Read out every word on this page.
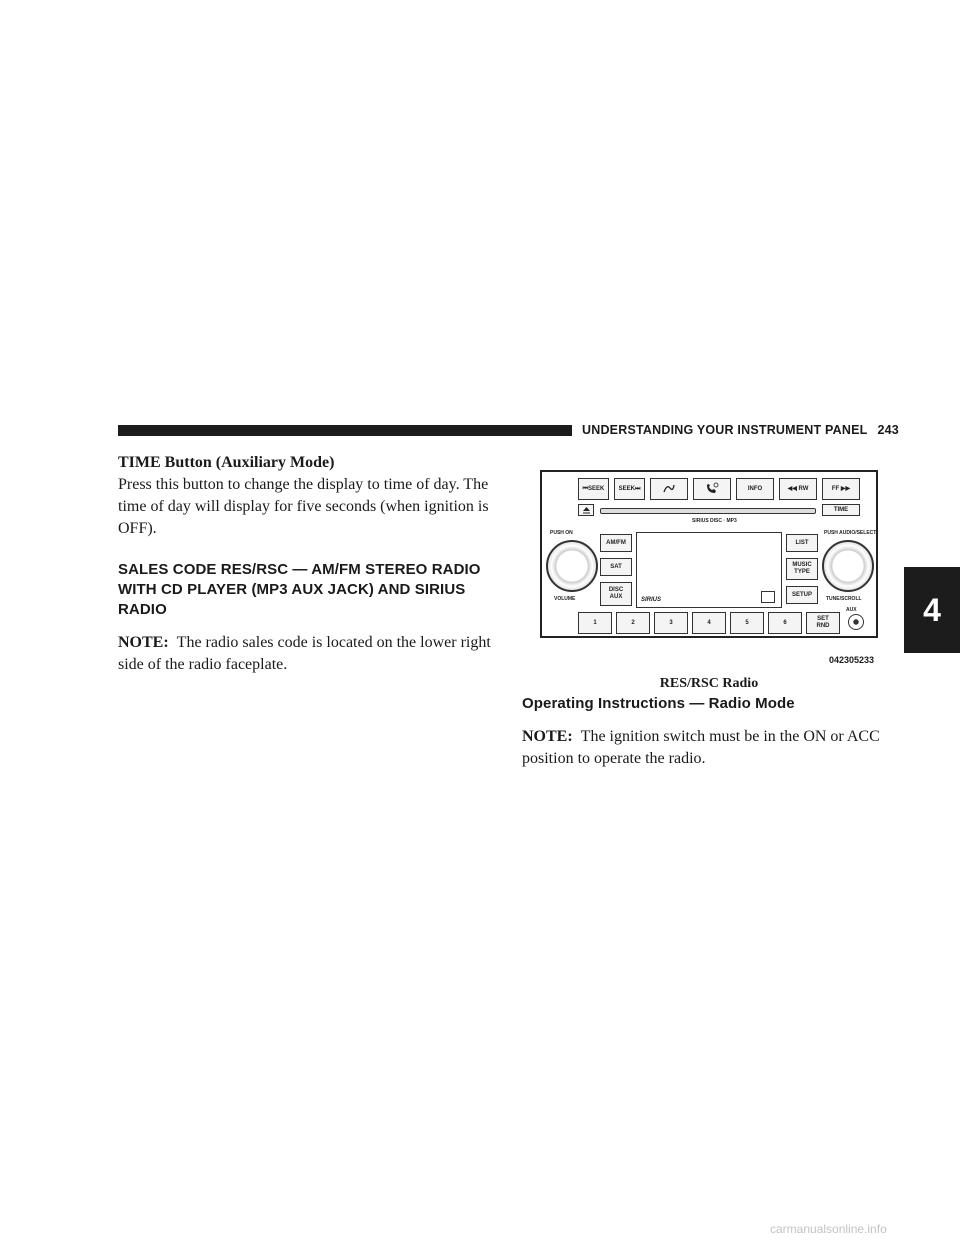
UNDERSTANDING YOUR INSTRUMENT PANEL 243
4

TIME Button (Auxiliary Mode)

Press this button to change the display to time of day. The time of day will display for five seconds (when ignition is OFF).

SALES CODE RES/RSC — AM/FM STEREO RADIO WITH CD PLAYER (MP3 AUX JACK) AND SIRIUS RADIO

NOTE: The radio sales code is located on the lower right side of the radio faceplate.

⏮SEEK	SEEK⏭	INFO	◀◀ RW	FF ▶▶
SIRIUS DISC · MP3
TIME
PUSH ON
VOLUME
AM/FM
SAT
DISC
AUX	SIRIUS
LIST
MUSIC
TYPE
SETUP
PUSH AUDIO/SELECT
TUNE/SCROLL
1	2	3	4	5	6
SET
RND
AUX
042305233
RES/RSC Radio
Operating Instructions — Radio Mode

NOTE: The ignition switch must be in the ON or ACC position to operate the radio.

carmanualsonline.info
